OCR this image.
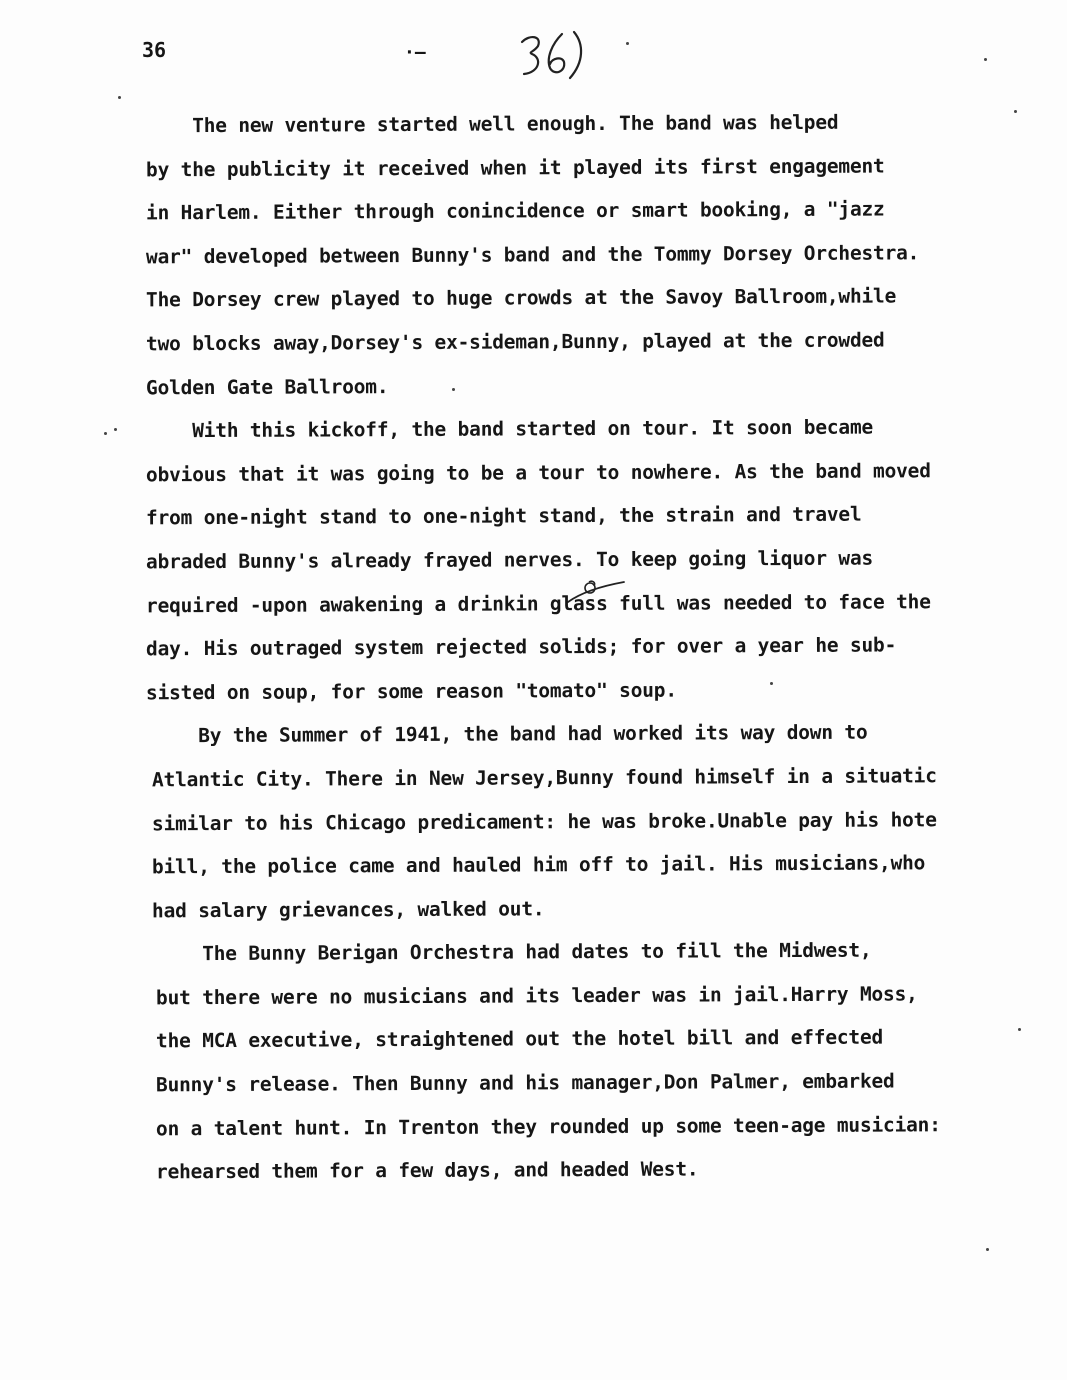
36	·–
The new venture started well enough. The band was helped
by the publicity it received when it played its first engagement
in Harlem. Either through conincidence or smart booking, a "jazz
war" developed between Bunny's band and the Tommy Dorsey Orchestra.
The Dorsey crew played to huge crowds at the Savoy Ballroom,while
two blocks away,Dorsey's ex-sideman,Bunny, played at the crowded
Golden Gate Ballroom.
With this kickoff, the band started on tour. It soon became
obvious that it was going to be a tour to nowhere. As the band moved
from one-night stand to one-night stand, the strain and travel
abraded Bunny's already frayed nerves. To keep going liquor was
required -upon awakening a drinkin glass full was needed to face the
day. His outraged system rejected solids; for over a year he sub-
sisted on soup, for some reason "tomato" soup.
By the Summer of 1941, the band had worked its way down to
Atlantic City. There in New Jersey,Bunny found himself in a situatic
similar to his Chicago predicament: he was broke.Unable pay his hote
bill, the police came and hauled him off to jail. His musicians,who
had salary grievances, walked out.
The Bunny Berigan Orchestra had dates to fill the Midwest,
but there were no musicians and its leader was in jail.Harry Moss,
the MCA executive, straightened out the hotel bill and effected
Bunny's release. Then Bunny and his manager,Don Palmer, embarked
on a talent hunt. In Trenton they rounded up some teen-age musician:
rehearsed them for a few days, and headed West.
